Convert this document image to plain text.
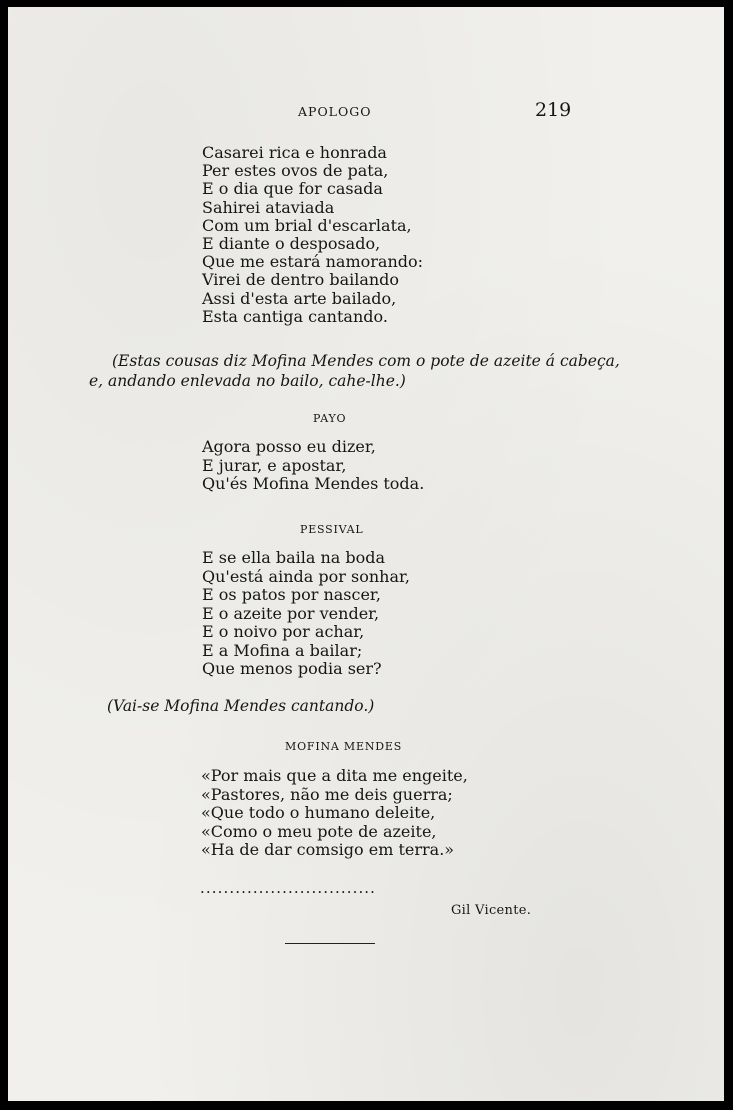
APOLOGO	219
Casarei rica e honrada
Per estes ovos de pata,
E o dia que for casada
Sahirei ataviada
Com um brial d'escarlata,
E diante o desposado,
Que me estará namorando:
Virei de dentro bailando
Assi d'esta arte bailado,
Esta cantiga cantando.
(Estas cousas diz Mofina Mendes com o pote de azeite á cabeça,
e, andando enlevada no bailo, cahe-lhe.)
PAYO
Agora posso eu dizer,
E jurar, e apostar,
Qu'és Mofina Mendes toda.
PESSIVAL
E se ella baila na boda
Qu'está ainda por sonhar,
E os patos por nascer,
E o azeite por vender,
E o noivo por achar,
E a Mofina a bailar;
Que menos podia ser?
(Vai-se Mofina Mendes cantando.)
MOFINA MENDES
«Por mais que a dita me engeite,
«Pastores, não me deis guerra;
«Que todo o humano deleite,
«Como o meu pote de azeite,
«Ha de dar comsigo em terra.»
..............................
Gil Vicente.
